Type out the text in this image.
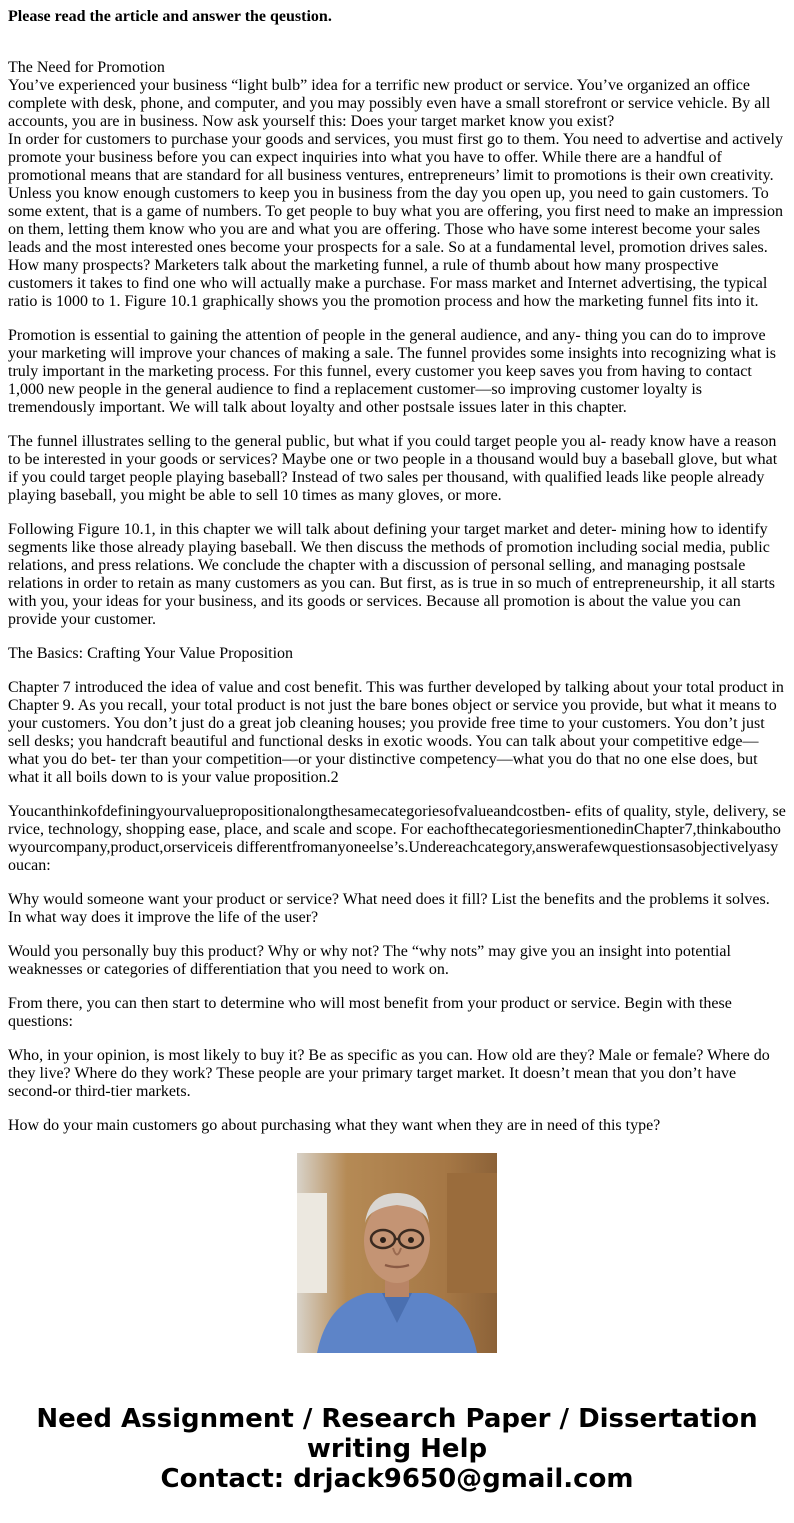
Please read the article and answer the qeustion.

The Need for Promotion
You’ve experienced your business “light bulb” idea for a terrific new product or service. You’ve organized an office complete with desk, phone, and computer, and you may possibly even have a small storefront or service vehicle. By all accounts, you are in business. Now ask yourself this: Does your target market know you exist?
In order for customers to purchase your goods and services, you must first go to them. You need to advertise and actively promote your business before you can expect inquiries into what you have to offer. While there are a handful of promotional means that are standard for all business ventures, entrepreneurs’ limit to promotions is their own creativity. Unless you know enough customers to keep you in business from the day you open up, you need to gain customers. To some extent, that is a game of numbers. To get people to buy what you are offering, you first need to make an impression on them, letting them know who you are and what you are offering. Those who have some interest become your sales leads and the most interested ones become your prospects for a sale. So at a fundamental level, promotion drives sales. How many prospects? Marketers talk about the marketing funnel, a rule of thumb about how many prospective customers it takes to find one who will actually make a purchase. For mass market and Internet advertising, the typical ratio is 1000 to 1. Figure 10.1 graphically shows you the promotion process and how the marketing funnel fits into it.

Promotion is essential to gaining the attention of people in the general audience, and any- thing you can do to improve your marketing will improve your chances of making a sale. The funnel provides some insights into recognizing what is truly important in the marketing process. For this funnel, every customer you keep saves you from having to contact 1,000 new people in the general audience to find a replacement customer—so improving customer loyalty is tremendously important. We will talk about loyalty and other postsale issues later in this chapter.

The funnel illustrates selling to the general public, but what if you could target people you al- ready know have a reason to be interested in your goods or services? Maybe one or two people in a thousand would buy a baseball glove, but what if you could target people playing baseball? Instead of two sales per thousand, with qualified leads like people already playing baseball, you might be able to sell 10 times as many gloves, or more.

Following Figure 10.1, in this chapter we will talk about defining your target market and deter- mining how to identify segments like those already playing baseball. We then discuss the methods of promotion including social media, public relations, and press relations. We conclude the chapter with a discussion of personal selling, and managing postsale relations in order to retain as many customers as you can. But first, as is true in so much of entrepreneurship, it all starts with you, your ideas for your business, and its goods or services. Because all promotion is about the value you can provide your customer.

The Basics: Crafting Your Value Proposition

Chapter 7 introduced the idea of value and cost benefit. This was further developed by talking about your total product in Chapter 9. As you recall, your total product is not just the bare bones object or service you provide, but what it means to your customers. You don’t just do a great job cleaning houses; you provide free time to your customers. You don’t just sell desks; you handcraft beautiful and functional desks in exotic woods. You can talk about your competitive edge—what you do bet- ter than your competition—or your distinctive competency—what you do that no one else does, but what it all boils down to is your value proposition.2

Youcanthinkofdefiningyourvaluepropositionalongthesamecategoriesofvalueandcostben- efits of quality, style, delivery, service, technology, shopping ease, place, and scale and scope. For eachofthecategoriesmentionedinChapter7,thinkabouthowyourcompany,product,orserviceis differentfromanyoneelse’s.Undereachcategory,answerafewquestionsasobjectivelyasyoucan:

Why would someone want your product or service? What need does it fill? List the benefits and the problems it solves. In what way does it improve the life of the user?

Would you personally buy this product? Why or why not? The “why nots” may give you an insight into potential weaknesses or categories of differentiation that you need to work on.

From there, you can then start to determine who will most benefit from your product or service. Begin with these questions:

Who, in your opinion, is most likely to buy it? Be as specific as you can. How old are they? Male or female? Where do they live? Where do they work? These people are your primary target market. It doesn’t mean that you don’t have second-or third-tier markets.

How do your main customers go about purchasing what they want when they are in need of this type?

Need Assignment / Research Paper / Dissertation writing Help
Contact: drjack9650@gmail.com
